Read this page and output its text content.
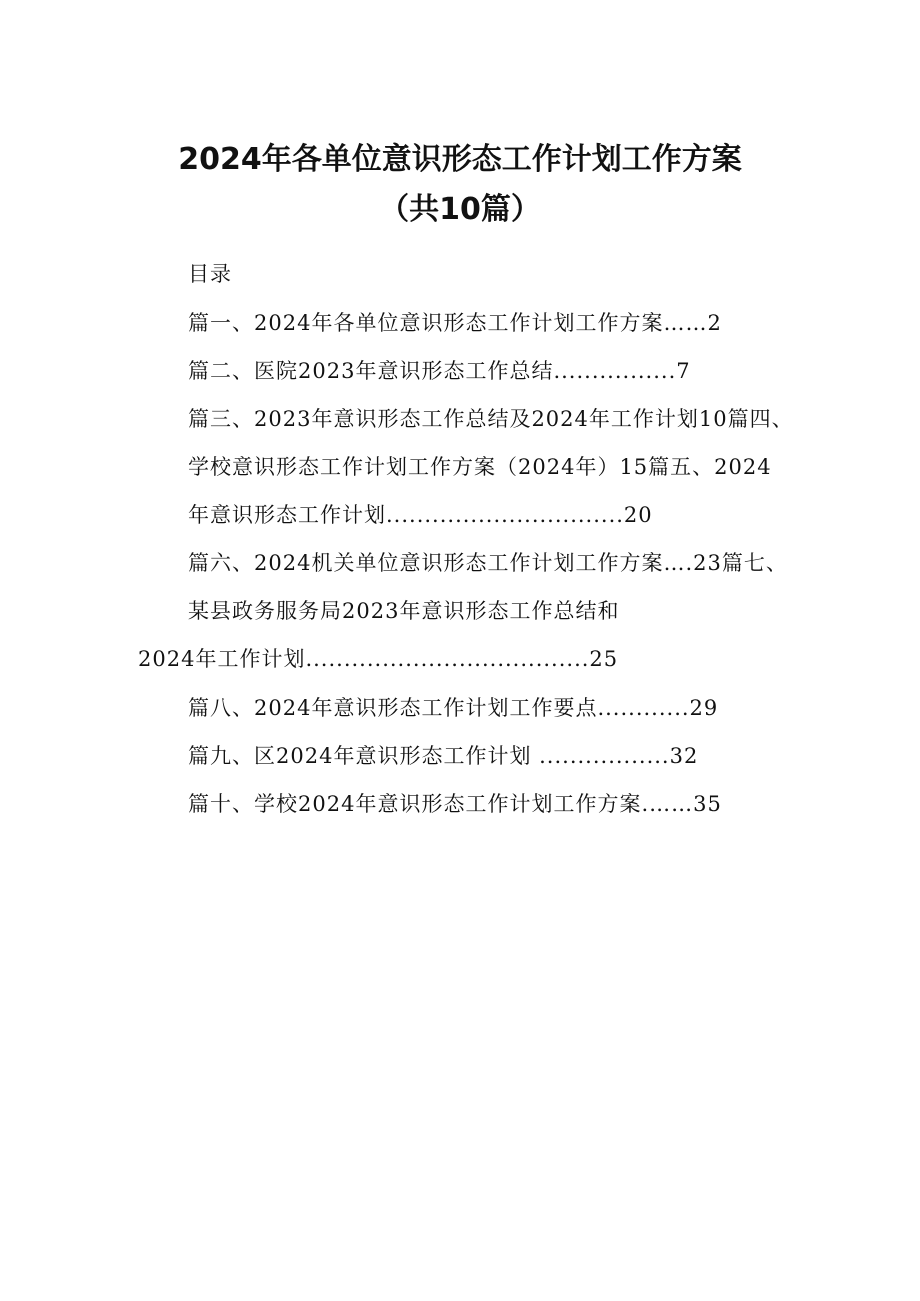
2024年各单位意识形态工作计划工作方案
（共10篇）
目录
篇一、2024年各单位意识形态工作计划工作方案……2
篇二、医院2023年意识形态工作总结................7
篇三、2023年意识形态工作总结及2024年工作计划10篇四、
学校意识形态工作计划工作方案（2024年）15篇五、2024
年意识形态工作计划...............................20
篇六、2024机关单位意识形态工作计划工作方案….23篇七、
某县政务服务局2023年意识形态工作总结和
2024年工作计划.....................................25
篇八、2024年意识形态工作计划工作要点............29
篇九、区2024年意识形态工作计划 .................32
篇十、学校2024年意识形态工作计划工作方案.……35
